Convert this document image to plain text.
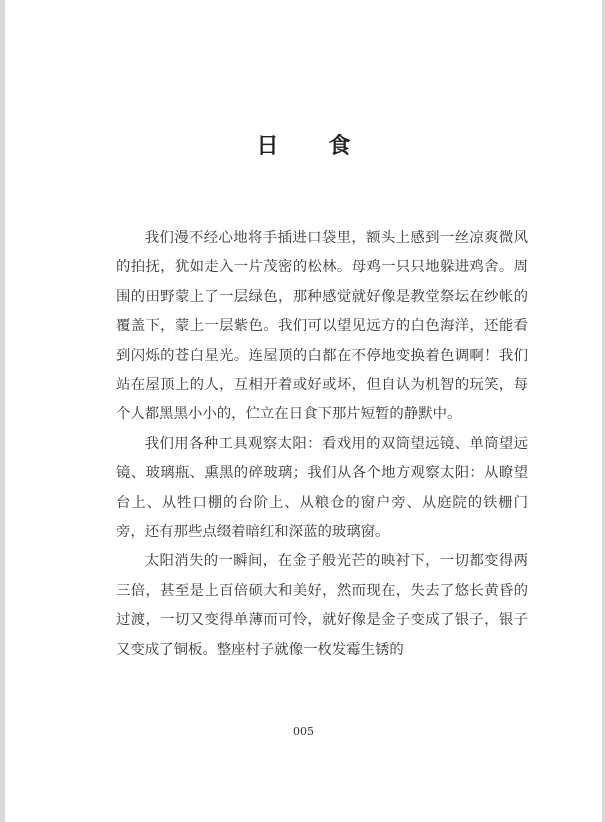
日　食

我们漫不经心地将手插进口袋里，额头上感到一丝凉爽微风的拍抚，犹如走入一片茂密的松林。母鸡一只只地躲进鸡舍。周围的田野蒙上了一层绿色，那种感觉就好像是教堂祭坛在纱帐的覆盖下，蒙上一层紫色。我们可以望见远方的白色海洋，还能看到闪烁的苍白星光。连屋顶的白都在不停地变换着色调啊！我们站在屋顶上的人，互相开着或好或坏，但自认为机智的玩笑，每个人都黑黑小小的，伫立在日食下那片短暂的静默中。

我们用各种工具观察太阳：看戏用的双筒望远镜、单筒望远镜、玻璃瓶、熏黑的碎玻璃；我们从各个地方观察太阳：从瞭望台上、从牲口棚的台阶上、从粮仓的窗户旁、从庭院的铁栅门旁，还有那些点缀着暗红和深蓝的玻璃窗。

太阳消失的一瞬间，在金子般光芒的映衬下，一切都变得两三倍，甚至是上百倍硕大和美好，然而现在，失去了悠长黄昏的过渡，一切又变得单薄而可怜，就好像是金子变成了银子，银子又变成了铜板。整座村子就像一枚发霉生锈的

005
